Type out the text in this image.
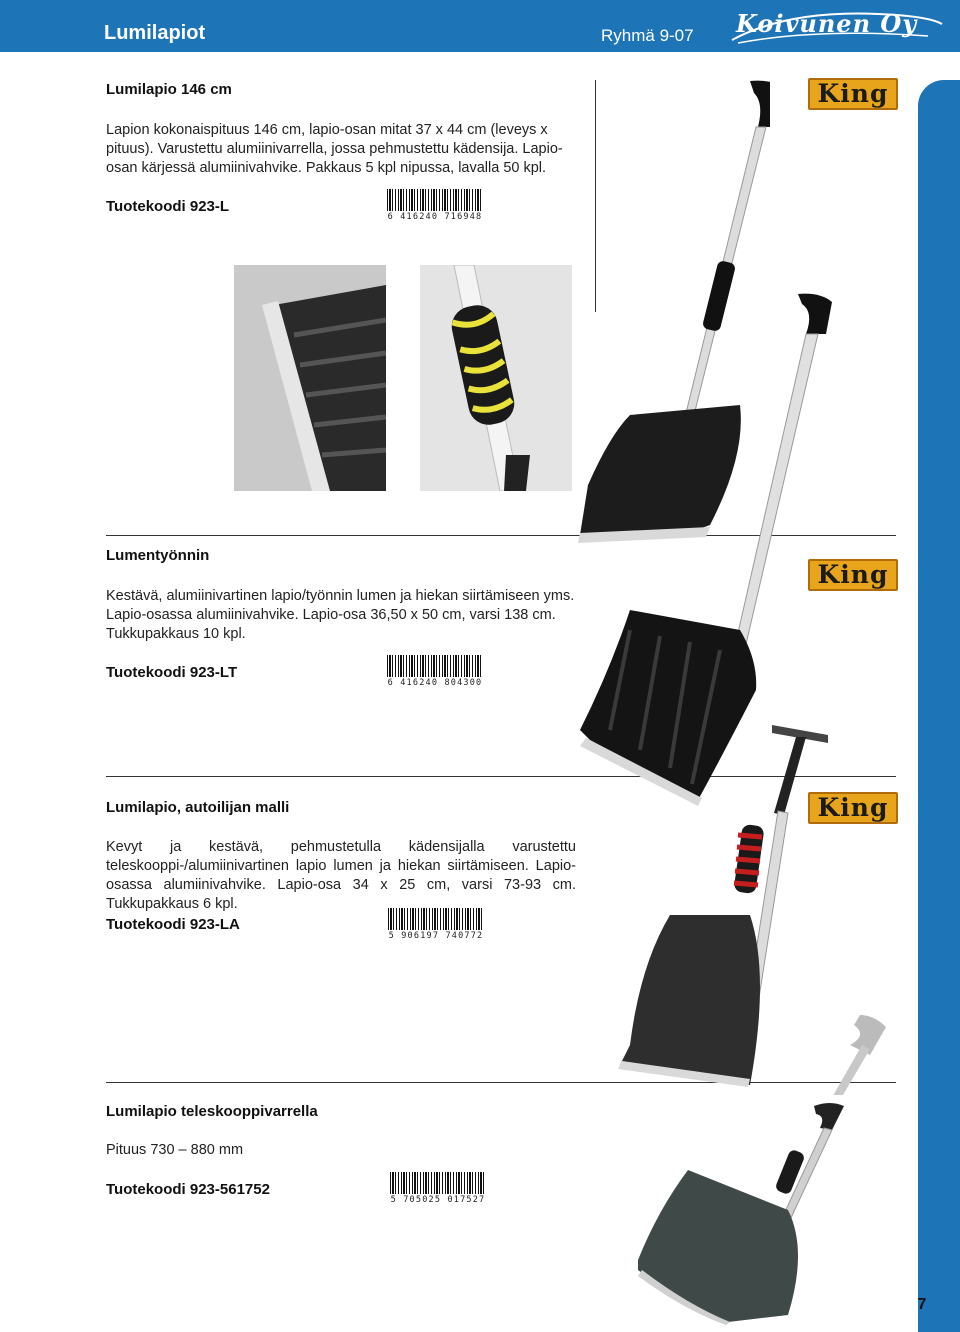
Lumilapiot	Ryhmä 9-07 Koivunen Oy
7
Lumilapio 146 cm
Lapion kokonaispituus 146 cm, lapio-osan mitat 37 x 44 cm (leveys x pituus). Varustettu alumiinivarrella, jossa pehmustettu kädensija. Lapio-osan kärjessä alumiinivahvike. Pakkaus 5 kpl nipussa, lavalla 50 kpl.
Tuotekoodi 923-L
6 416240 716948
King
Lumentyönnin
Kestävä, alumiinivartinen lapio/työnnin lumen ja hiekan siirtämiseen yms. Lapio-osassa alumiinivahvike. Lapio-osa 36,50 x 50 cm, varsi 138 cm. Tukkupakkaus 10 kpl.
Tuotekoodi 923-LT
6 416240 804300
King
Lumilapio, autoilijan malli
Kevyt ja kestävä, pehmustetulla kädensijalla varustettu teleskooppi-/alumiinivartinen lapio lumen ja hiekan siirtämiseen. Lapio-osassa alumiinivahvike. Lapio-osa 34 x 25 cm, varsi 73-93 cm. Tukkupakkaus 6 kpl.
Tuotekoodi 923-LA
5 906197 740772
King
Lumilapio teleskooppivarrella
Pituus 730 – 880 mm
Tuotekoodi 923-561752
5 705025 017527
